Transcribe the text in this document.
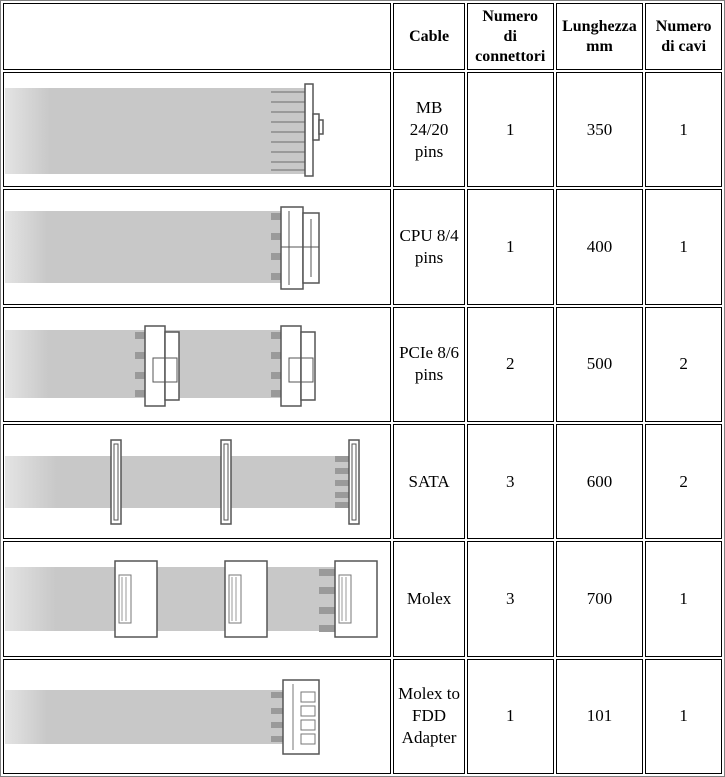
	Cable	Numero
di
connettori	Lunghezza
mm	Numero
di cavi

	MB
24/20
pins	1	350	1

	CPU 8/4
pins	1	400	1

	PCIe 8/6
pins	2	500	2

	SATA	3	600	2

	Molex	3	700	1

	Molex to
FDD
Adapter	1	101	1
